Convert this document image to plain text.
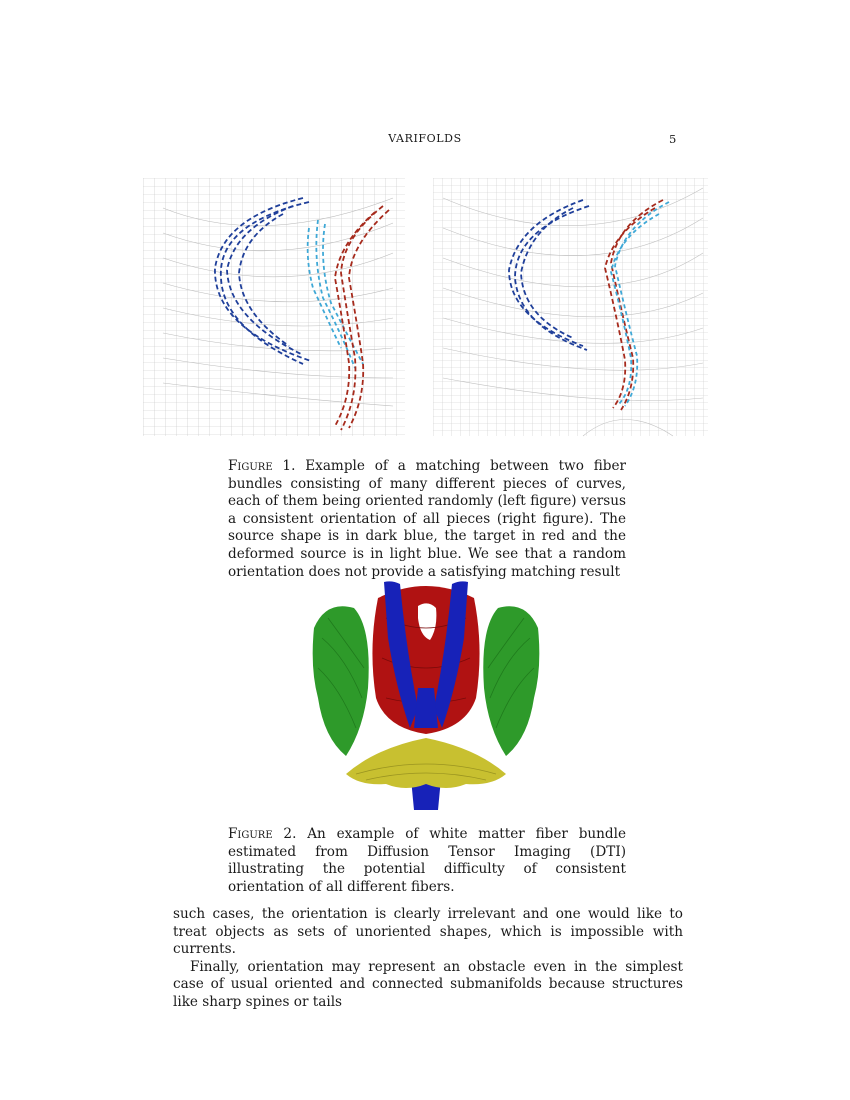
VARIFOLDS	5
Figure 1. Example of a matching between two fiber bundles consisting of many different pieces of curves, each of them being oriented randomly (left figure) versus a consistent orientation of all pieces (right figure). The source shape is in dark blue, the target in red and the deformed source is in light blue. We see that a random orientation does not provide a satisfying matching result
Figure 2. An example of white matter fiber bundle estimated from Diffusion Tensor Imaging (DTI) illustrating the potential difficulty of consistent orientation of all different fibers.

such cases, the orientation is clearly irrelevant and one would like to treat objects as sets of unoriented shapes, which is impossible with currents.

Finally, orientation may represent an obstacle even in the simplest case of usual oriented and connected submanifolds because structures like sharp spines or tails
